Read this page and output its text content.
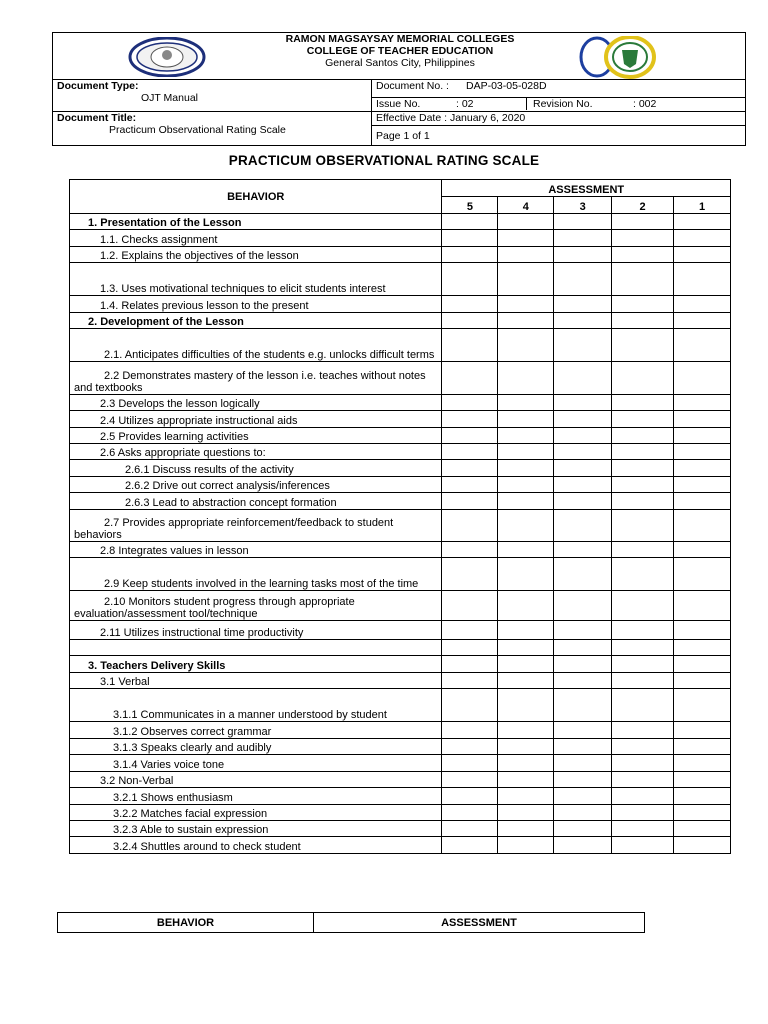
RAMON MAGSAYSAY MEMORIAL COLLEGES
COLLEGE OF TEACHER EDUCATION
General Santos City, Philippines	

Document Type:
OJT Manual	Document No. : DAP-03-05-028D

	Issue No. : 02 Revision No. : 002

Document Title:
Practicum Observational Rating Scale	Effective Date : January 6, 2020
	Page 1 of 1
PRACTICUM OBSERVATIONAL RATING SCALE
BEHAVIOR	ASSESSMENT				
	5	4	3	2	1
1. Presentation of the Lesson					
1.1. Checks assignment					
1.2. Explains the objectives of the lesson					
1.3. Uses motivational techniques to elicit students interest					
1.4. Relates previous lesson to the present					
2. Development of the Lesson					
2.1. Anticipates difficulties of the students e.g. unlocks difficult terms					
2.2 Demonstrates mastery of the lesson i.e. teaches without notes and textbooks					
2.3 Develops the lesson logically					
2.4 Utilizes appropriate instructional aids					
2.5 Provides learning activities					
2.6 Asks appropriate questions to:					
2.6.1 Discuss results of the activity					
2.6.2 Drive out correct analysis/inferences					
2.6.3 Lead to abstraction concept formation					
2.7 Provides appropriate reinforcement/feedback to student behaviors					
2.8 Integrates values in lesson					
2.9 Keep students involved in the learning tasks most of the time					
2.10 Monitors student progress through appropriate evaluation/assessment tool/technique					
2.11 Utilizes instructional time productivity					

3. Teachers Delivery Skills					
3.1 Verbal					
3.1.1 Communicates in a manner understood by student					
3.1.2 Observes correct grammar					
3.1.3 Speaks clearly and audibly					
3.1.4 Varies voice tone					
3.2 Non-Verbal					
3.2.1 Shows enthusiasm					
3.2.2 Matches facial expression					
3.2.3 Able to sustain expression					
3.2.4 Shuttles around to check student					
BEHAVIOR	ASSESSMENT
